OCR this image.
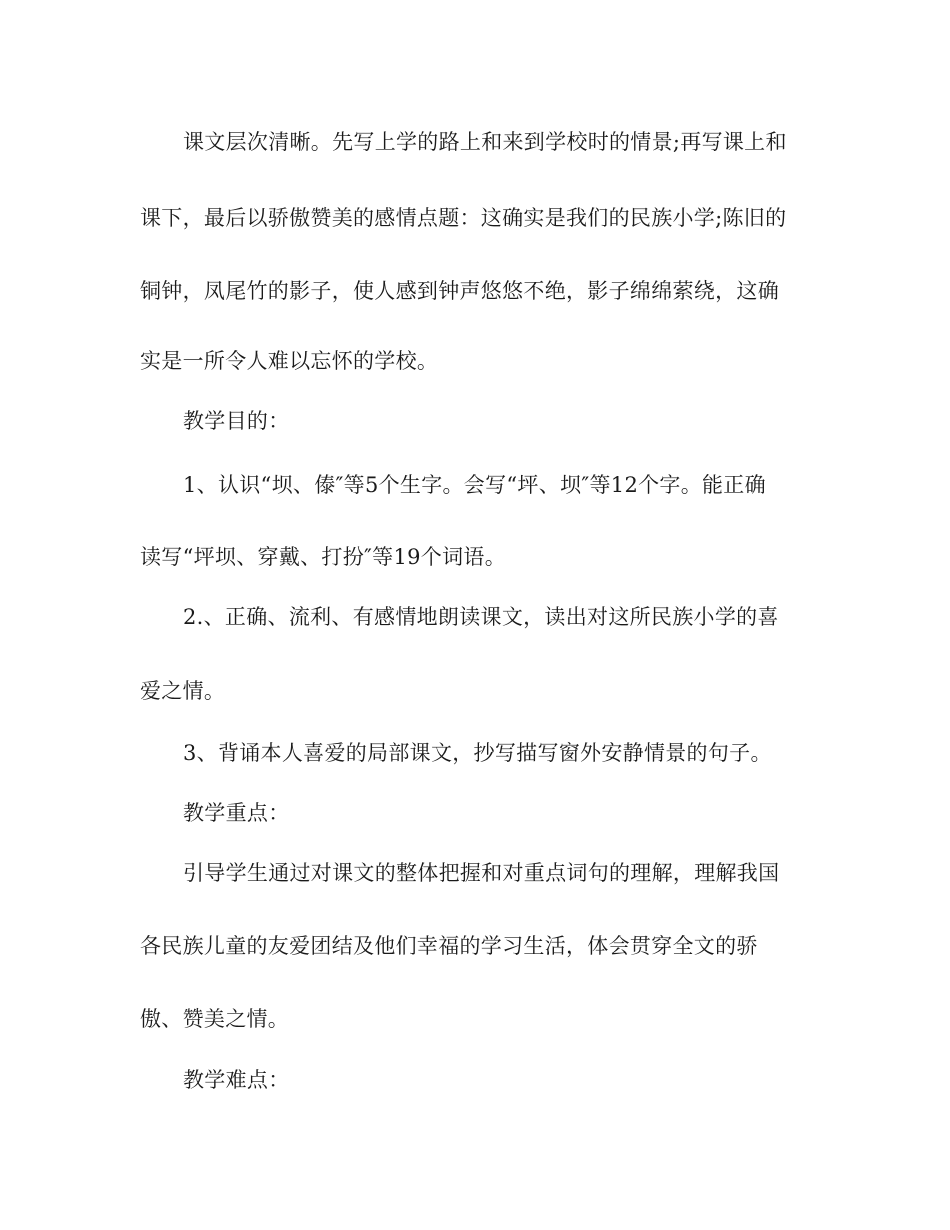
课文层次清晰。先写上学的路上和来到学校时的情景;再写课上和
课下，最后以骄傲赞美的感情点题：这确实是我们的民族小学;陈旧的
铜钟，凤尾竹的影子，使人感到钟声悠悠不绝，影子绵绵萦绕，这确
实是一所令人难以忘怀的学校。
教学目的：
1、认识“坝、傣″等5个生字。会写“坪、坝″等12个字。能正确
读写“坪坝、穿戴、打扮″等19个词语。
2.、正确、流利、有感情地朗读课文，读出对这所民族小学的喜
爱之情。
3、背诵本人喜爱的局部课文，抄写描写窗外安静情景的句子。
教学重点：
引导学生通过对课文的整体把握和对重点词句的理解，理解我国
各民族儿童的友爱团结及他们幸福的学习生活，体会贯穿全文的骄
傲、赞美之情。
教学难点：
